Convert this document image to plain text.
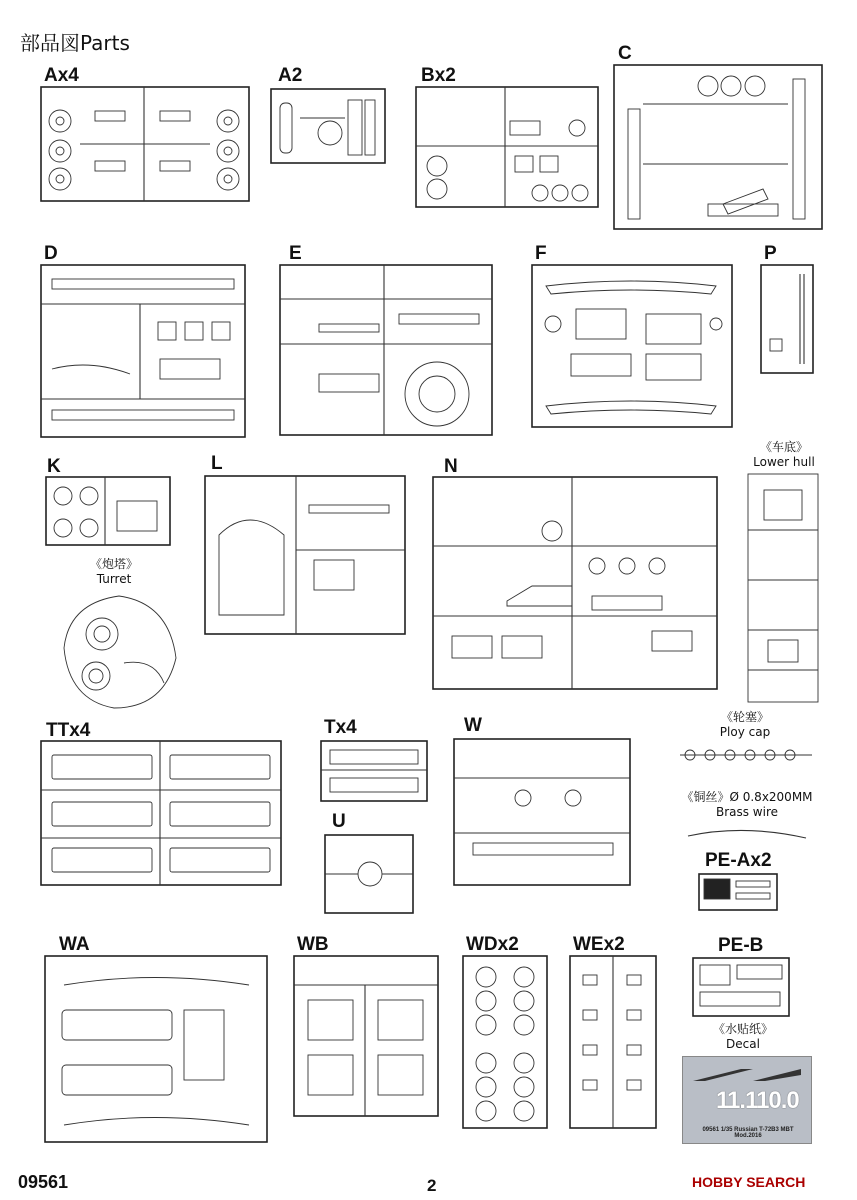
部品図Parts
Ax4	A2	Bx2
C
D	E	F	P
K	L	N
TTx4	Tx4
U
W
WA	WB	WDx2	WEx2
PE-Ax2
PE-B
《车底》
Lower hull
《炮塔》
Turret
《轮塞》
Ploy cap
《铜丝》Ø 0.8x200MM
Brass wire
《水贴纸》
Decal
11.110.0
09561 1/35 Russian T-72B3 MBT Mod.2016
09561	2	HOBBY SEARCH
